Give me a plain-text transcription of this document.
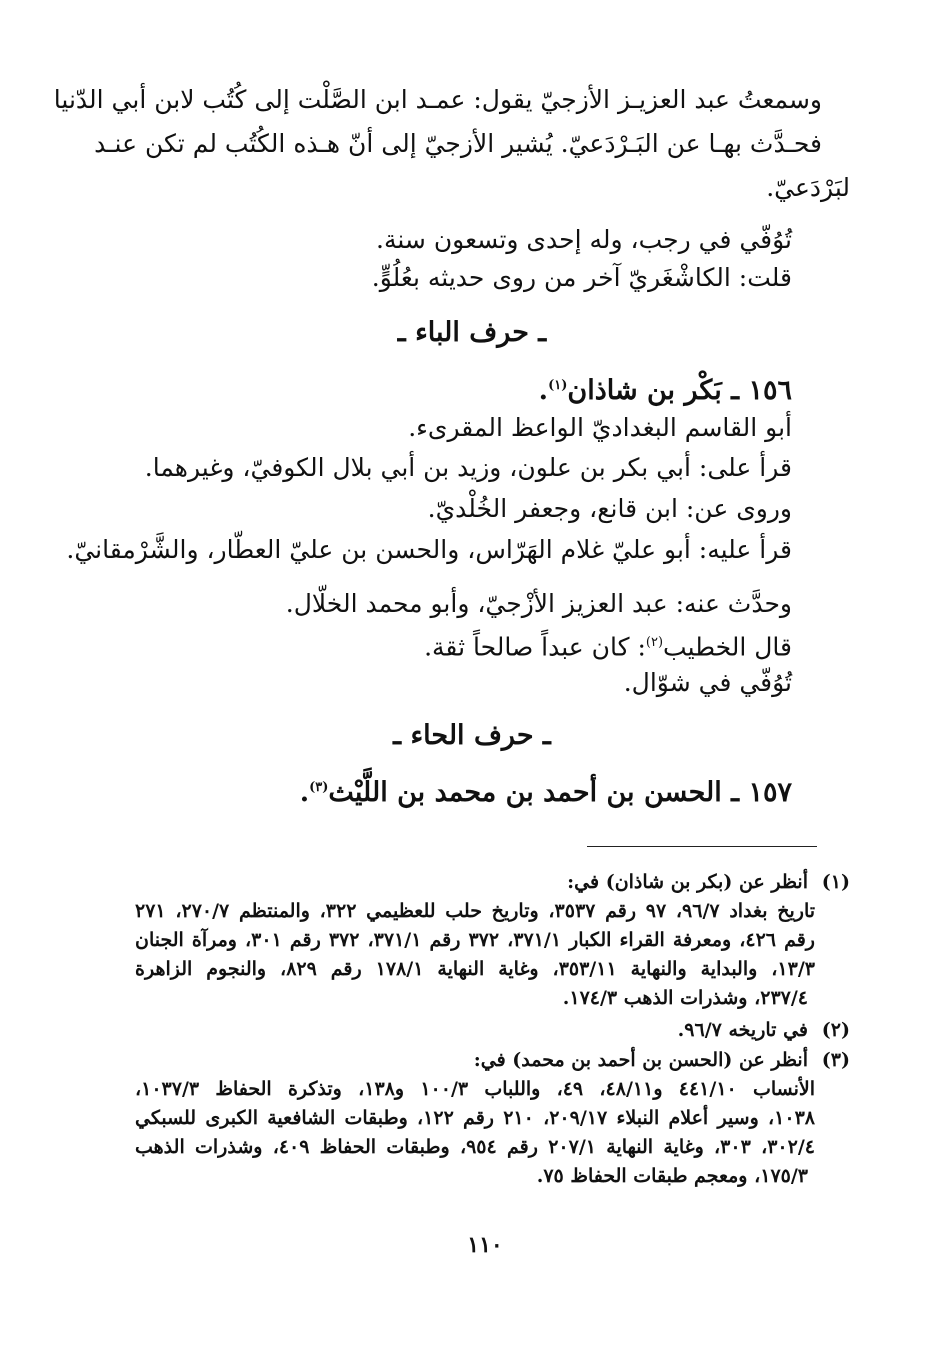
وسمعتُ عبد العزيـز الأزجيّ يقول: عمـد ابن الصَّلْت إلى كُتُب لابن أبي الدّنيا
فحـدَّث بهـا عن البَـرْدَعيّ. يُشير الأزجيّ إلى أنّ هـذه الكُتُب لم تكن عنـد
لبَرْدَعيّ.
تُوُفّي في رجب، وله إحدى وتسعون سنة.
قلت: الكاشْغَريّ آخر من روى حديثه بعُلُوٍّ.
ـ حرف الباء ـ
١٥٦ ـ بَكْر بن شاذان$^{(١)}$.
أبو القاسم البغداديّ الواعظ المقرىء.
قرأ على: أبي بكر بن علون، وزيد بن أبي بلال الكوفيّ، وغيرهما.
وروى عن: ابن قانع، وجعفر الخُلْديّ.
قرأ عليه: أبو عليّ غلام الهَرّاس، والحسن بن عليّ العطّار، والشَّرْمقانيّ.
وحدَّث عنه: عبد العزيز الأزْجيّ، وأبو محمد الخلّال.
قال الخطيب$^{(٢)}$: كان عبداً صالحاً ثقة.
تُوُفّي في شوّال.
ـ حرف الحاء ـ
١٥٧ ـ الحسن بن أحمد بن محمد بن اللَّيْث$^{(٣)}$.
(١)أنظر عن (بكر بن شاذان) في:
تاريخ بغداد ٩٦/٧، ٩٧ رقم ٣٥٣٧، وتاريخ حلب للعظيمي ٣٢٢، والمنتظم ٢٧٠/٧، ٢٧١
رقم ٤٢٦، ومعرفة القراء الكبار ٣٧١/١، ٣٧٢ رقم ٣٧١/١، ٣٧٢ رقم ٣٠١، ومرآة الجنان
١٣/٣، والبداية والنهاية ٣٥٣/١١، وغاية النهاية ١٧٨/١ رقم ٨٢٩، والنجوم الزاهرة
٢٣٧/٤، وشذرات الذهب ١٧٤/٣.
(٢)في تاريخه ٩٦/٧.
(٣)أنظر عن (الحسن بن أحمد بن محمد) في:
الأنساب ٤٤١/١٠ و٤٨/١١، ٤٩، واللباب ١٠٠/٣ و١٣٨، وتذكرة الحفاظ ١٠٣٧/٣،
١٠٣٨، وسير أعلام النبلاء ٢٠٩/١٧، ٢١٠ رقم ١٢٢، وطبقات الشافعية الكبرى للسبكي
٣٠٢/٤، ٣٠٣، وغاية النهاية ٢٠٧/١ رقم ٩٥٤، وطبقات الحفاظ ٤٠٩، وشذرات الذهب
١٧٥/٣، ومعجم طبقات الحفاظ ٧٥.
١١٠
